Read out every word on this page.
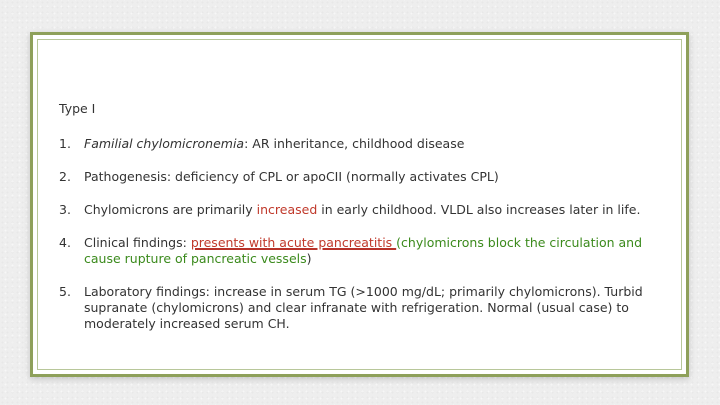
Type I
1. Familial chylomicronemia: AR inheritance, childhood disease
2. Pathogenesis: deficiency of CPL or apoCII (normally activates CPL)
3. Chylomicrons are primarily increased in early childhood. VLDL also increases later in life.
4. Clinical findings: presents with acute pancreatitis (chylomicrons block the circulation and cause rupture of pancreatic vessels)
5. Laboratory findings: increase in serum TG (>1000 mg/dL; primarily chylomicrons). Turbid supranate (chylomicrons) and clear infranate with refrigeration. Normal (usual case) to moderately increased serum CH.
